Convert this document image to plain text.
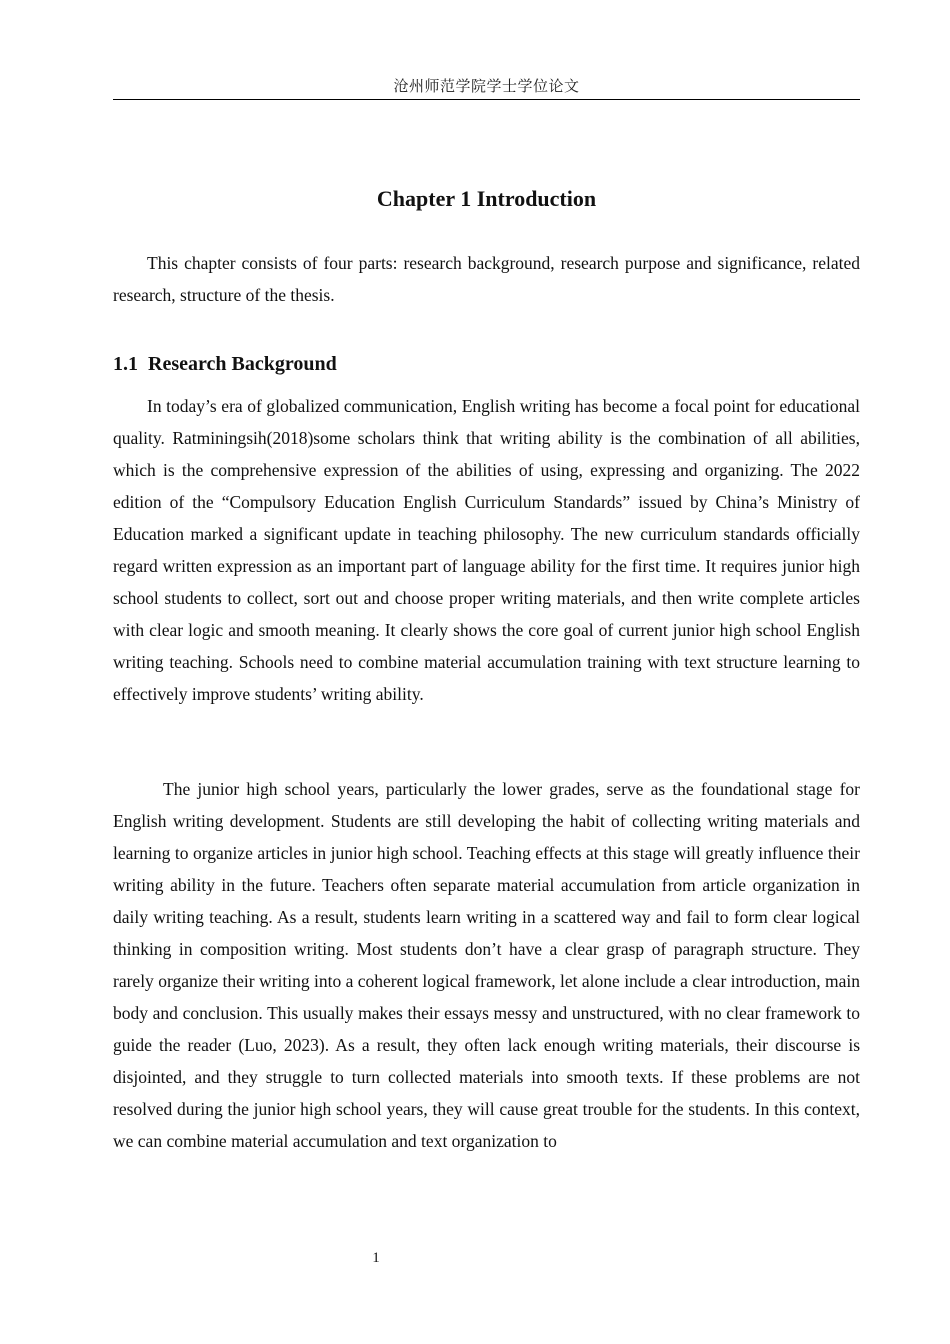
沧州师范学院学士学位论文
Chapter 1 Introduction

This chapter consists of four parts: research background, research purpose and significance, related research, structure of the thesis.

1.1 Research Background

In today’s era of globalized communication, English writing has become a focal point for educational quality. Ratminingsih(2018)some scholars think that writing ability is the combination of all abilities, which is the comprehensive expression of the abilities of using, expressing and organizing. The 2022 edition of the “Compulsory Education English Curriculum Standards” issued by China’s Ministry of Education marked a significant update in teaching philosophy. The new curriculum standards officially regard written expression as an important part of language ability for the first time. It requires junior high school students to collect, sort out and choose proper writing materials, and then write complete articles with clear logic and smooth meaning. It clearly shows the core goal of current junior high school English writing teaching. Schools need to combine material accumulation training with text structure learning to effectively improve students’ writing ability.

The junior high school years, particularly the lower grades, serve as the foundational stage for English writing development. Students are still developing the habit of collecting writing materials and learning to organize articles in junior high school. Teaching effects at this stage will greatly influence their writing ability in the future. Teachers often separate material accumulation from article organization in daily writing teaching. As a result, students learn writing in a scattered way and fail to form clear logical thinking in composition writing. Most students don’t have a clear grasp of paragraph structure. They rarely organize their writing into a coherent logical framework, let alone include a clear introduction, main body and conclusion. This usually makes their essays messy and unstructured, with no clear framework to guide the reader (Luo, 2023). As a result, they often lack enough writing materials, their discourse is disjointed, and they struggle to turn collected materials into smooth texts. If these problems are not resolved during the junior high school years, they will cause great trouble for the students. In this context, we can combine material accumulation and text organization to

1
